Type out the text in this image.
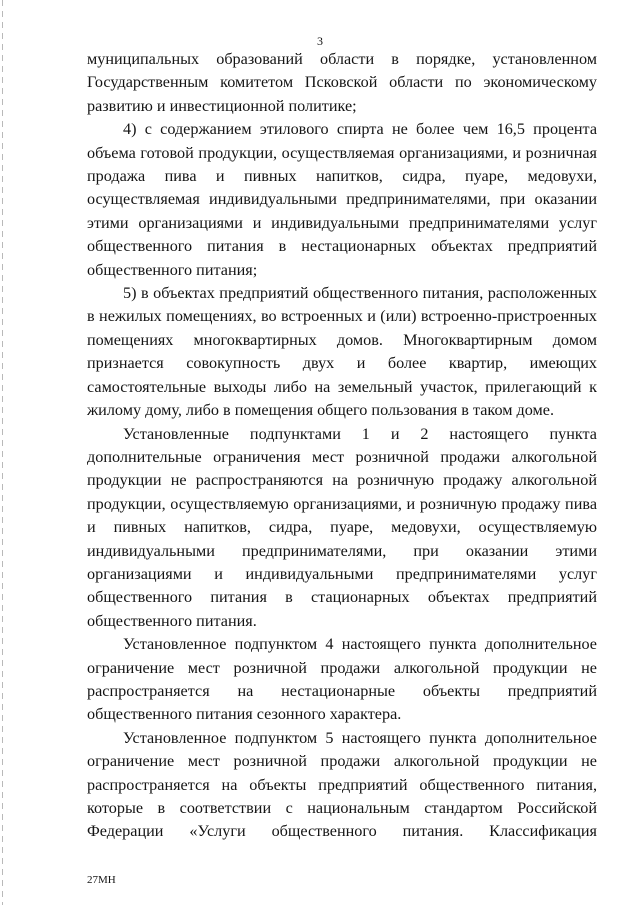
3

муниципальных образований области в порядке, установленном Государственным комитетом Псковской области по экономическому развитию и инвестиционной политике;

4) с содержанием этилового спирта не более чем 16,5 процента объема готовой продукции, осуществляемая организациями, и розничная продажа пива и пивных напитков, сидра, пуаре, медовухи, осуществляемая индивидуальными предпринимателями, при оказании этими организациями и индивидуальными предпринимателями услуг общественного питания в нестационарных объектах предприятий общественного питания;

5) в объектах предприятий общественного питания, расположенных в нежилых помещениях, во встроенных и (или) встроенно-пристроенных помещениях многоквартирных домов. Многоквартирным домом признается совокупность двух и более квартир, имеющих самостоятельные выходы либо на земельный участок, прилегающий к жилому дому, либо в помещения общего пользования в таком доме.

Установленные подпунктами 1 и 2 настоящего пункта дополнительные ограничения мест розничной продажи алкогольной продукции не распространяются на розничную продажу алкогольной продукции, осуществляемую организациями, и розничную продажу пива и пивных напитков, сидра, пуаре, медовухи, осуществляемую индивидуальными предпринимателями, при оказании этими организациями и индивидуальными предпринимателями услуг общественного питания в стационарных объектах предприятий общественного питания.

Установленное подпунктом 4 настоящего пункта дополнительное ограничение мест розничной продажи алкогольной продукции не распространяется на нестационарные объекты предприятий общественного питания сезонного характера.

Установленное подпунктом 5 настоящего пункта дополнительное ограничение мест розничной продажи алкогольной продукции не распространяется на объекты предприятий общественного питания, которые в соответствии с национальным стандартом Российской Федерации «Услуги общественного питания. Классификация

27МН
